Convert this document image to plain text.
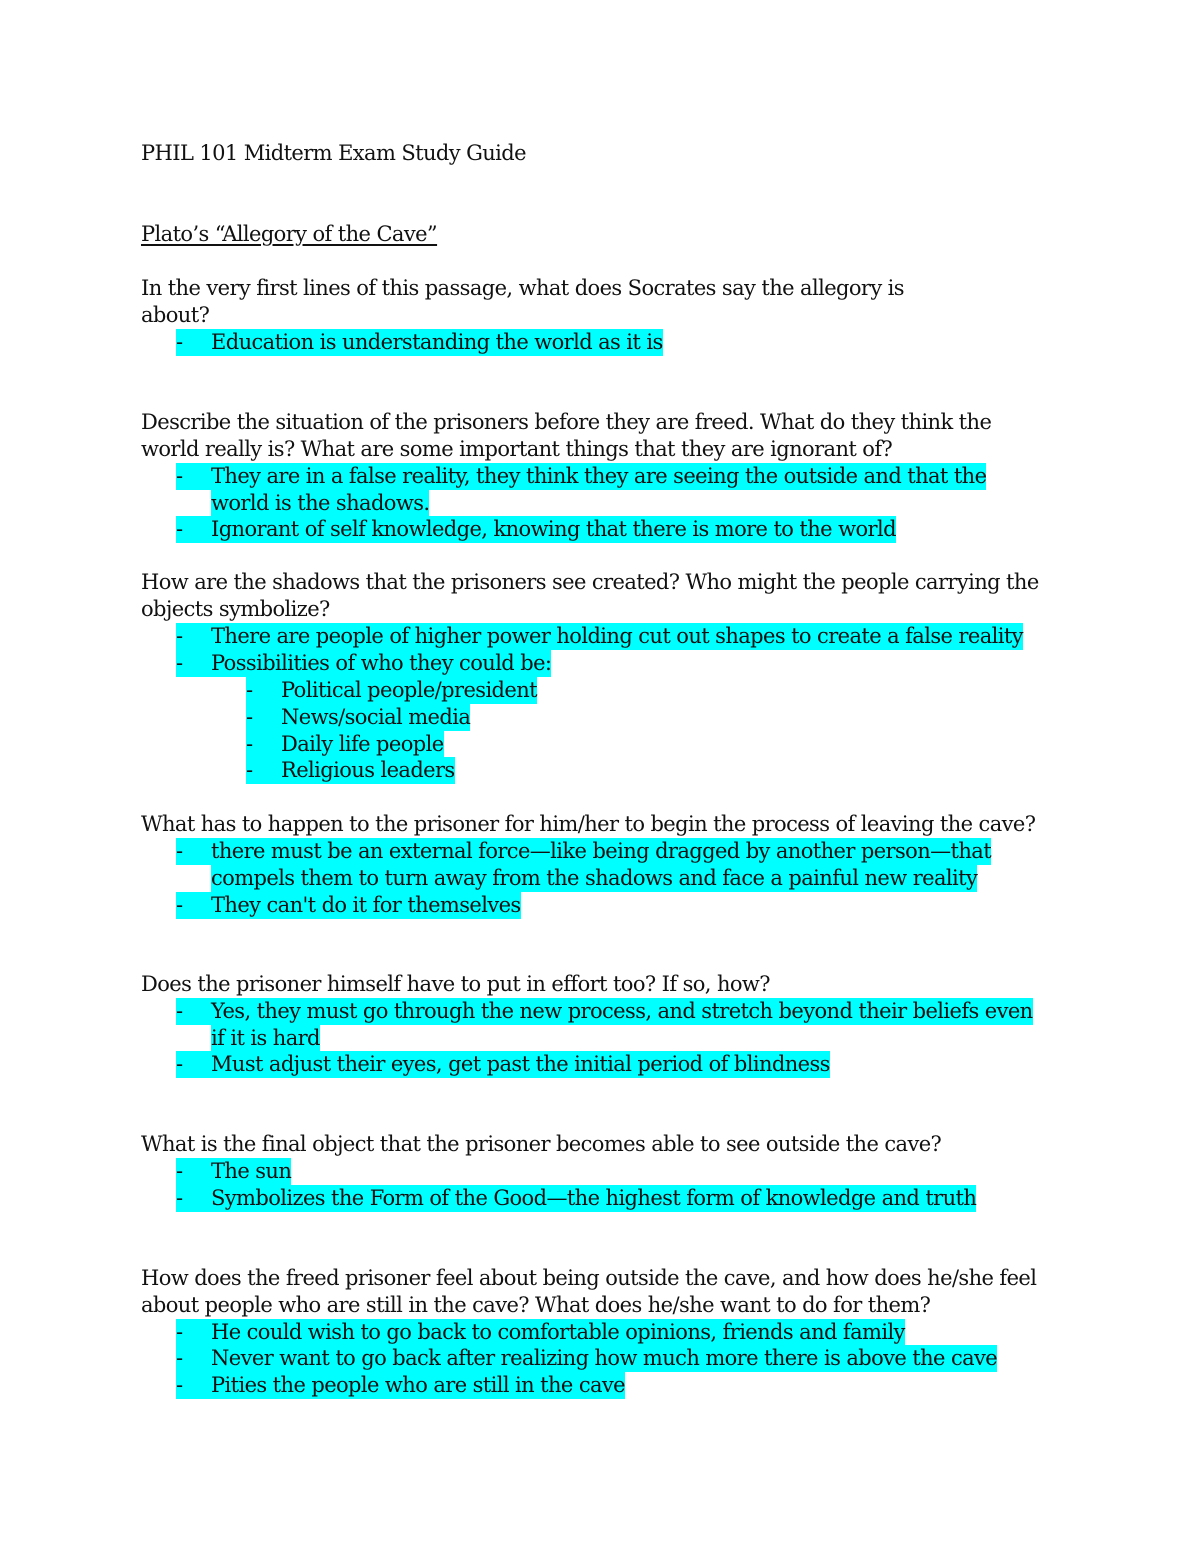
PHIL 101 Midterm Exam Study Guide
Plato’s “Allegory of the Cave”
In the very first lines of this passage, what does Socrates say the allegory is
about?
- Education is understanding the world as it is
Describe the situation of the prisoners before they are freed. What do they think the
world really is? What are some important things that they are ignorant of?
- They are in a false reality, they think they are seeing the outside and that the
world is the shadows.
- Ignorant of self knowledge, knowing that there is more to the world
How are the shadows that the prisoners see created? Who might the people carrying the
objects symbolize?
- There are people of higher power holding cut out shapes to create a false reality
- Possibilities of who they could be:
- Political people/president
- News/social media
- Daily life people
- Religious leaders
What has to happen to the prisoner for him/her to begin the process of leaving the cave?
- there must be an external force—like being dragged by another person—that
compels them to turn away from the shadows and face a painful new reality
- They can't do it for themselves
Does the prisoner himself have to put in effort too? If so, how?
- Yes, they must go through the new process, and stretch beyond their beliefs even
if it is hard
- Must adjust their eyes, get past the initial period of blindness
What is the final object that the prisoner becomes able to see outside the cave?
- The sun
- Symbolizes the Form of the Good—the highest form of knowledge and truth
How does the freed prisoner feel about being outside the cave, and how does he/she feel
about people who are still in the cave? What does he/she want to do for them?
- He could wish to go back to comfortable opinions, friends and family
- Never want to go back after realizing how much more there is above the cave
- Pities the people who are still in the cave
